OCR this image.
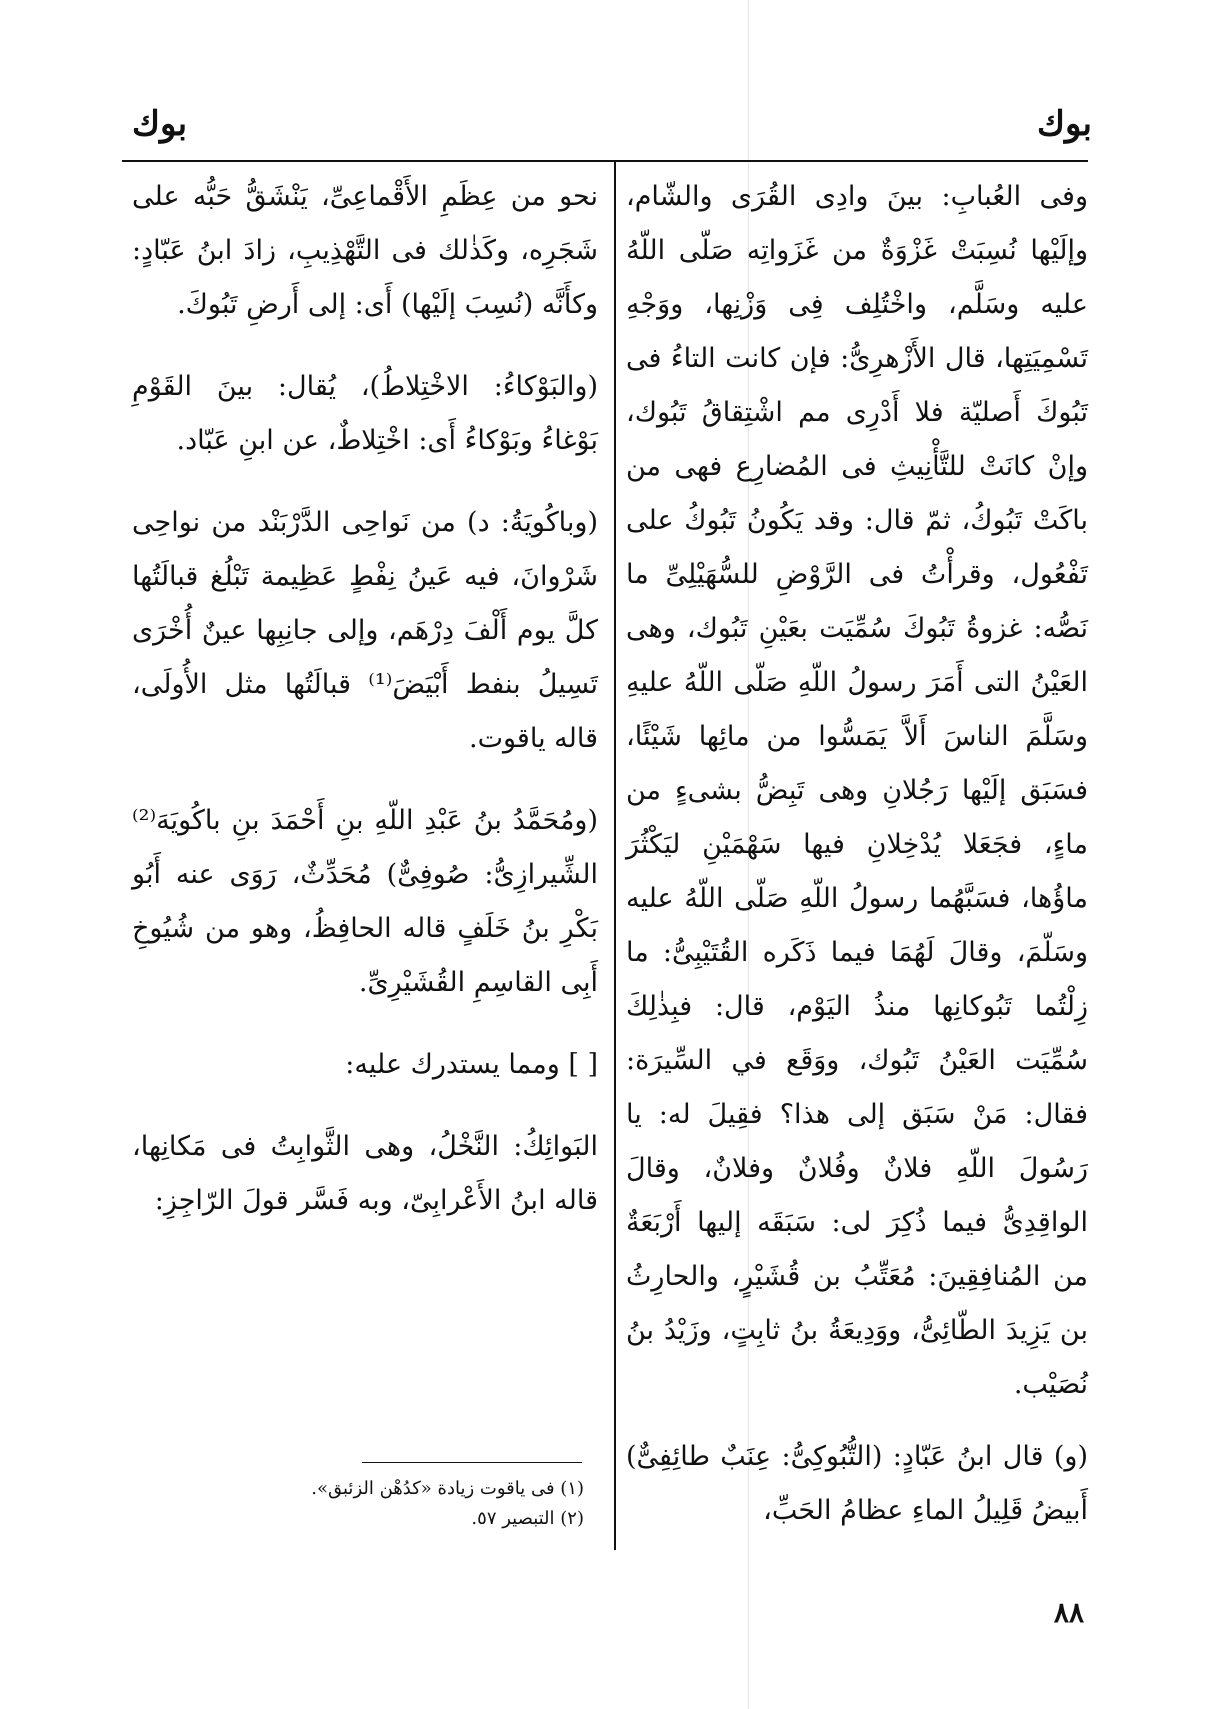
بوك
بوك

وفى العُبابِ: بينَ وادِى القُرَى والشّام، وإلَيْها نُسِبَتْ غَزْوَةٌ من غَزَواتِه صَلّى اللّهُ عليه وسَلَّم، واخْتُلِف فِى وَزْنِها، ووَجْهِ تَسْمِيَتِها، قال الأَزْهرِىُّ: فإن كانت التاءُ فى تَبُوكَ أَصليّة فلا أَدْرِى مم اشْتِقاقُ تَبُوك، وإنْ كانَتْ للتَّأْنِيثِ فى المُضارِع فهى من باكَتْ تَبُوكُ، ثمّ قال: وقد يَكُونُ تَبُوكُ على تَفْعُول، وقرأْتُ فى الرَّوْضِ للسُّهَيْلِىِّ ما نَصُّه: غزوةُ تَبُوكَ سُمِّيَت بعَيْنِ تَبُوك، وهى العَيْنُ التى أَمَرَ رسولُ اللّهِ صَلّى اللّهُ عليهِ وسَلَّمَ الناسَ أَلاَّ يَمَسُّوا من مائِها شَيْئًا، فسَبَق إلَيْها رَجُلانِ وهى تَبِضُّ بشىءٍ من ماءٍ، فجَعَلا يُدْخِلانِ فيها سَهْمَيْنِ ليَكْثُرَ ماؤُها، فسَبَّهُما رسولُ اللّهِ صَلّى اللّهُ عليه وسَلّمَ، وقالَ لَهُمَا فيما ذَكَره القُتَيْبِىُّ: ما زِلْتُما تَبُوكانِها منذُ اليَوْم، قال: فبِذٰلِكَ سُمِّيَت العَيْنُ تَبُوك، ووَقَع في السِّيرَة: فقال: مَنْ سَبَق إلى هذا؟ فقِيلَ له: يا رَسُولَ اللّهِ فلانٌ وفُلانٌ وفلانٌ، وقالَ الواقِدِىُّ فيما ذُكِرَ لى: سَبَقَه إليها أَرْبَعَةٌ من المُنافِقِينَ: مُعَتِّبُ بن قُشَيْرٍ، والحارِثُ بن يَزِيدَ الطّائِىُّ، ووَدِيعَةُ بنُ ثابِتٍ، وزَيْدُ بنُ نُصَيْب.

(و) قال ابنُ عَبّادٍ: (التُّبُوكِىُّ: عِنَبٌ طائِفِىٌّ) أَبيضُ قَلِيلُ الماءِ عظامُ الحَبِّ،

نحو من عِظَمِ الأَقْماعِىِّ، يَنْشَقُّ حَبُّه على شَجَرِه، وكَذٰلك فى التَّهْذِيبِ، زادَ ابنُ عَبّادٍ: وكأَنَّه (نُسِبَ إلَيْها) أَى: إلى أَرضِ تَبُوكَ.

(والبَوْكاءُ: الاخْتِلاطُ)، يُقال: بينَ القَوْمِ بَوْغاءُ وبَوْكاءُ أَى: اخْتِلاطٌ، عن ابنِ عَبّاد.

(وباكُويَةُ: د) من نَواحِى الدَّرْبَنْد من نواحِى شَرْوانَ، فيه عَينُ نِفْطٍ عَظِيمة تَبْلُغ قبالَتُها كلَّ يوم أَلْفَ دِرْهَم، وإلى جانِبِها عينٌ أُخْرَى تَسِيلُ بنفط أَبْيَضَ⁽¹⁾ قبالَتُها مثل الأُولَى، قاله ياقوت.

(ومُحَمَّدُ بنُ عَبْدِ اللّهِ بنِ أَحْمَدَ بنِ باكُويَهَ⁽²⁾ الشِّيرازِىُّ: صُوفِىٌّ) مُحَدِّثٌ، رَوَى عنه أَبُو بَكْرِ بنُ خَلَفٍ قاله الحافِظُ، وهو من شُيُوخِ أَبِى القاسِمِ القُشَيْرِىِّ.

[ ] ومما يستدرك عليه:

البَوائِكُ: النَّخْلُ، وهى الثَّوابِتُ فى مَكانِها، قاله ابنُ الأَعْرابِىّ، وبه فَسَّر قولَ الرّاجِزِ:

(١) فى ياقوت زيادة «كدُهْن الزئبق».
(٢) التبصير ٥٧.
٨٨
